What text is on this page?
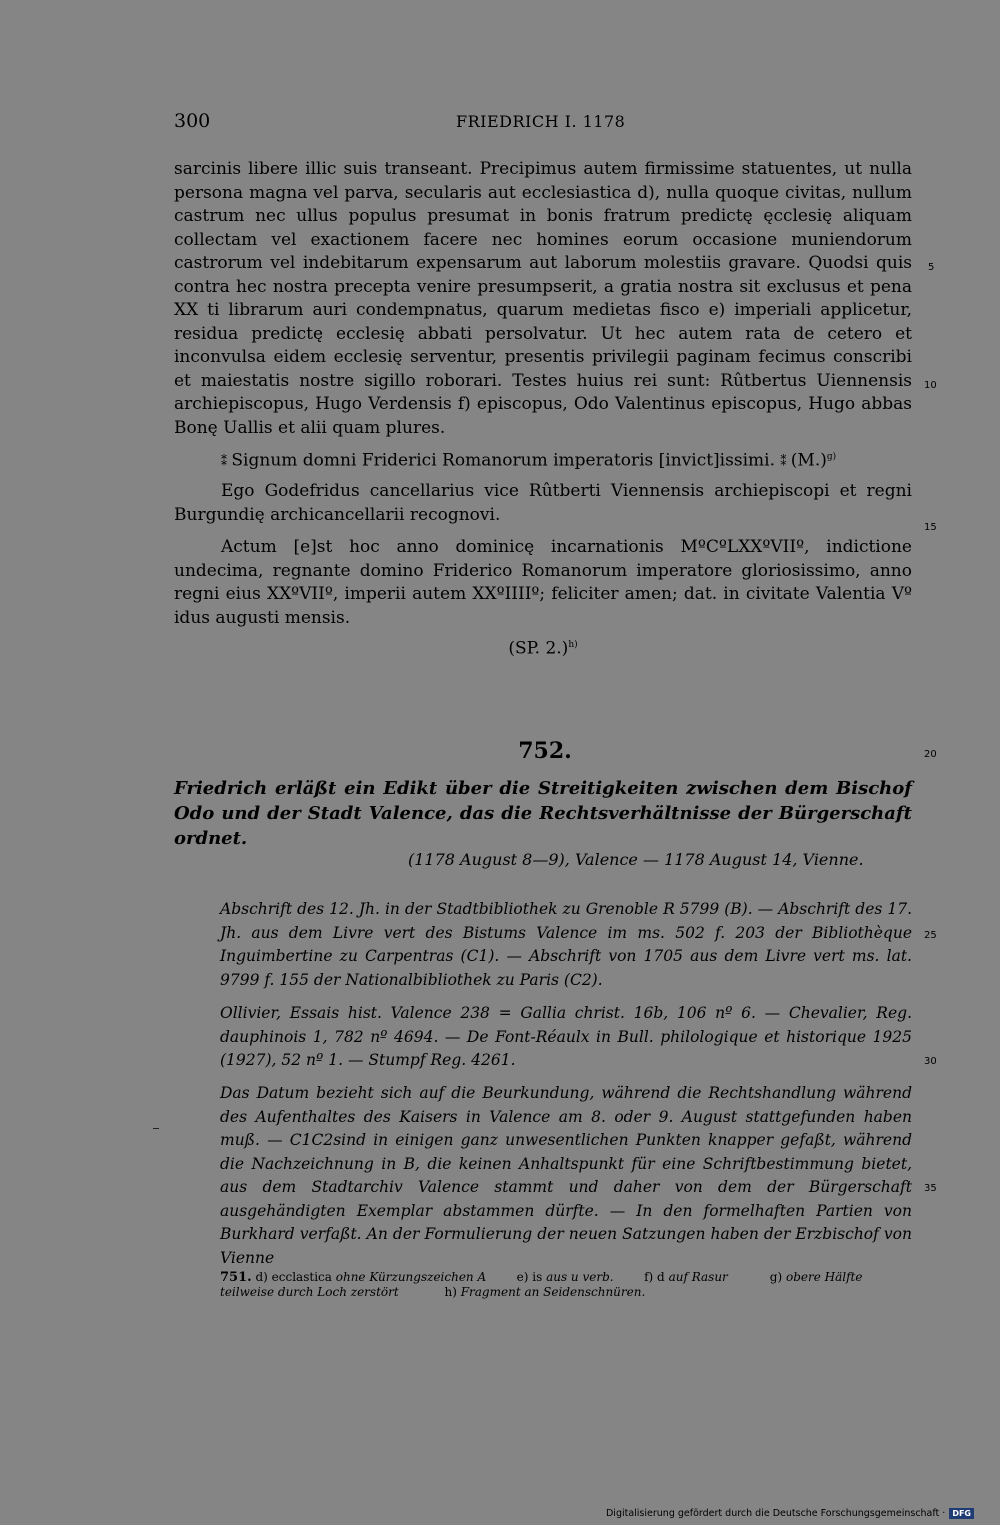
300	FRIEDRICH I. 1178

sarcinis libere illic suis transeant. Precipimus autem firmissime statuentes, ut nulla persona magna vel parva, secularis aut ecclesiastica d), nulla quoque civitas, nullum castrum nec ullus populus presumat in bonis fratrum predictę ęcclesię aliquam collectam vel exactionem facere nec homines eorum occasione muniendorum castrorum vel indebitarum expensarum aut laborum molestiis gravare. Quodsi quis contra hec nostra precepta venire presumpserit, a gratia nostra sit exclusus et pena XX ti librarum auri condempnatus, quarum medietas fisco e) imperiali applicetur, residua predictę ecclesię abbati persolvatur. Ut hec autem rata de cetero et inconvulsa eidem ecclesię serventur, presentis privilegii paginam fecimus conscribi et maiestatis nostre sigillo roborari. Testes huius rei sunt: Rûtbertus Uiennensis archiepiscopus, Hugo Verdensis f) episcopus, Odo Valentinus episcopus, Hugo abbas Bonę Uallis et alii quam plures.

⁑ Signum domni Friderici Romanorum imperatoris [invict]issimi. ⁑ $(M.)^{g)}$

Ego Godefridus cancellarius vice Rûtberti Viennensis archiepiscopi et regni Burgundię archicancellarii recognovi.

Actum [e]st hoc anno dominicę incarnationis MºCºLXXºVIIº, indictione undecima, regnante domino Friderico Romanorum imperatore gloriosissimo, anno regni eius XXºVIIº, imperii autem XXºIIIIº; feliciter amen; dat. in civitate Valentia Vº idus augusti mensis.

(SP. 2.)$^{h)}$

5
10
15
20
25
30
35
752.
Friedrich erläßt ein Edikt über die Streitigkeiten zwischen dem Bischof Odo und der Stadt Valence, das die Rechtsverhältnisse der Bürgerschaft ordnet.
(1178 August 8—9), Valence — 1178 August 14, Vienne.
Abschrift des 12. Jh. in der Stadtbibliothek zu Grenoble R 5799 (B). — Abschrift des 17. Jh. aus dem Livre vert des Bistums Valence im ms. 502 f. 203 der Bibliothèque Inguimbertine zu Carpentras (C1). — Abschrift von 1705 aus dem Livre vert ms. lat. 9799 f. 155 der Nationalbibliothek zu Paris (C2).
Ollivier, Essais hist. Valence 238 = Gallia christ. 16b, 106 nº 6. — Chevalier, Reg. dauphinois 1, 782 nº 4694. — De Font-Réaulx in Bull. philologique et historique 1925 (1927), 52 nº 1. — Stumpf Reg. 4261.
Das Datum bezieht sich auf die Beurkundung, während die Rechtshandlung während des Aufenthaltes des Kaisers in Valence am 8. oder 9. August stattgefunden haben muß. — C1C2sind in einigen ganz unwesentlichen Punkten knapper gefaßt, während die Nachzeichnung in B, die keinen Anhaltspunkt für eine Schriftbestimmung bietet, aus dem Stadtarchiv Valence stammt und daher von dem der Bürgerschaft ausgehändigten Exemplar abstammen dürfte. — In den formelhaften Partien von Burkhard verfaßt. An der Formulierung der neuen Satzungen haben der Erzbischof von Vienne
751. d) ecclastica ohne Kürzungszeichen A	e) is aus u verb.	f) d auf Rasur	g) obere Hälfte teilweise durch Loch zerstört	h) Fragment an Seidenschnüren.
Digitalisierung gefördert durch die Deutsche Forschungsgemeinschaft · DFG
